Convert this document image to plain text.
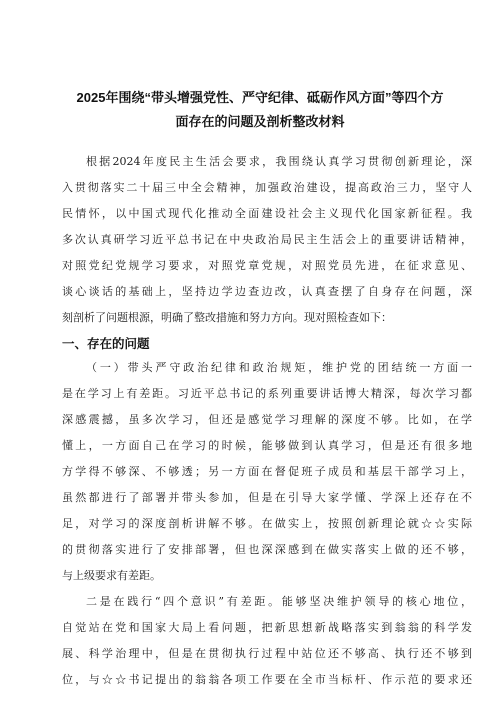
2025年围绕“带头增强党性、严守纪律、砥砺作风方面”等四个方
面存在的问题及剖析整改材料
根据2024年度民主生活会要求，我围绕认真学习贯彻创新理论，深
入贯彻落实二十届三中全会精神，加强政治建设，提高政治三力，坚守人
民情怀，以中国式现代化推动全面建设社会主义现代化国家新征程。我
多次认真研学习近平总书记在中央政治局民主生活会上的重要讲话精神，
对照党纪党规学习要求，对照党章党规，对照党员先进，在征求意见、
谈心谈话的基础上，坚持边学边查边改，认真查摆了自身存在问题，深
刻剖析了问题根源，明确了整改措施和努力方向。现对照检查如下：
一、存在的问题
（一）带头严守政治纪律和政治规矩，维护党的团结统一方面一
是在学习上有差距。习近平总书记的系列重要讲话博大精深，每次学习都
深感震撼，虽多次学习，但还是感觉学习理解的深度不够。比如，在学
懂上，一方面自己在学习的时候，能够做到认真学习，但是还有很多地
方学得不够深、不够透；另一方面在督促班子成员和基层干部学习上，
虽然都进行了部署并带头参加，但是在引导大家学懂、学深上还存在不
足，对学习的深度剖析讲解不够。在做实上，按照创新理论就☆☆实际
的贯彻落实进行了安排部署，但也深深感到在做实落实上做的还不够，
与上级要求有差距。
二是在践行“四个意识”有差距。能够坚决维护领导的核心地位，
自觉站在党和国家大局上看问题，把新思想新战略落实到翁翁的科学发
展、科学治理中，但是在贯彻执行过程中站位还不够高、执行还不够到
位，与☆☆书记提出的翁翁各项工作要在全市当标杆、作示范的要求还
